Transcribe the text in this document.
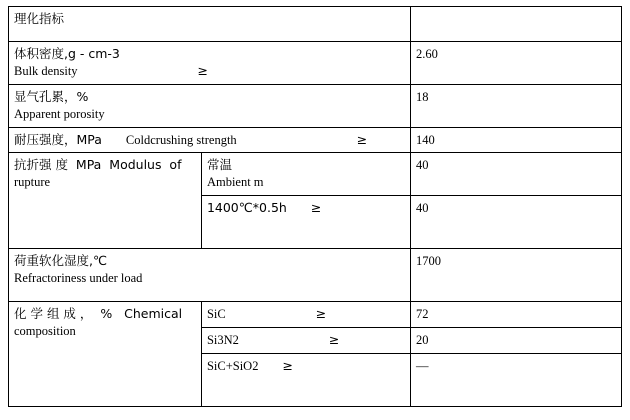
理化指标		

体积密度,g - cm-3
Bulk density ≥		2.60

显气孔累，%
Apparent porosity		18

耐压强度，MPa Coldcrushing strength ≥		140

抗折强 度  MPa  Modulus  of
rupture	常温
Ambient m	40

	1400℃*0.5h ≥	40

荷重软化湿度,℃
Refractoriness under load		1700

化 学 组 成 ，  %   Chemical
composition	SiC ≥	72

	Si3N2 ≥	20

	SiC+SiO2 ≥	—
